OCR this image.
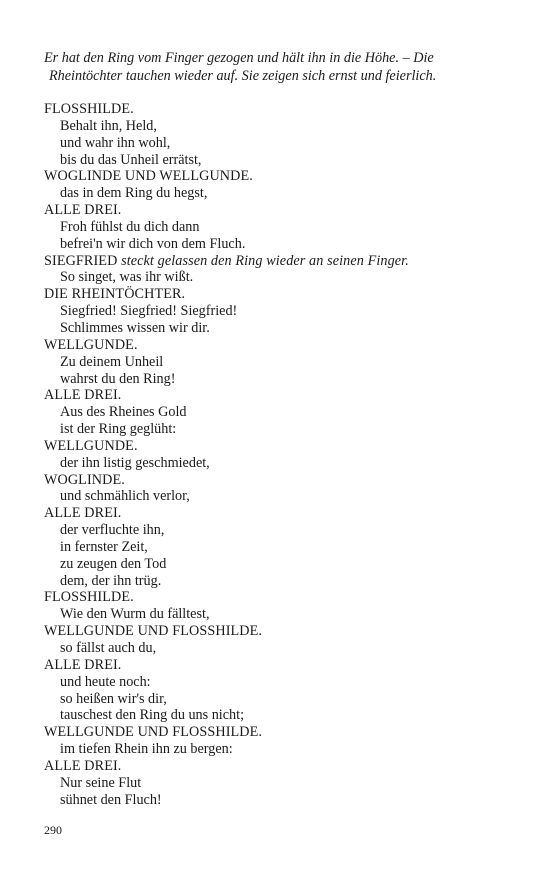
Er hat den Ring vom Finger gezogen und hält ihn in die Höhe. – Die
Rheintöchter tauchen wieder auf. Sie zeigen sich ernst und feierlich.

FLOSSHILDE.
Behalt ihn, Held,
und wahr ihn wohl,
bis du das Unheil errätst,
WOGLINDE UND WELLGUNDE.
das in dem Ring du hegst,
ALLE DREI.
Froh fühlst du dich dann
befrei'n wir dich von dem Fluch.
SIEGFRIED steckt gelassen den Ring wieder an seinen Finger.
So singet, was ihr wißt.
DIE RHEINTÖCHTER.
Siegfried! Siegfried! Siegfried!
Schlimmes wissen wir dir.
WELLGUNDE.
Zu deinem Unheil
wahrst du den Ring!
ALLE DREI.
Aus des Rheines Gold
ist der Ring geglüht:
WELLGUNDE.
der ihn listig geschmiedet,
WOGLINDE.
und schmählich verlor,
ALLE DREI.
der verfluchte ihn,
in fernster Zeit,
zu zeugen den Tod
dem, der ihn trüg.
FLOSSHILDE.
Wie den Wurm du fälltest,
WELLGUNDE UND FLOSSHILDE.
so fällst auch du,
ALLE DREI.
und heute noch:
so heißen wir's dir,
tauschest den Ring du uns nicht;
WELLGUNDE UND FLOSSHILDE.
im tiefen Rhein ihn zu bergen:
ALLE DREI.
Nur seine Flut
sühnet den Fluch!

290
